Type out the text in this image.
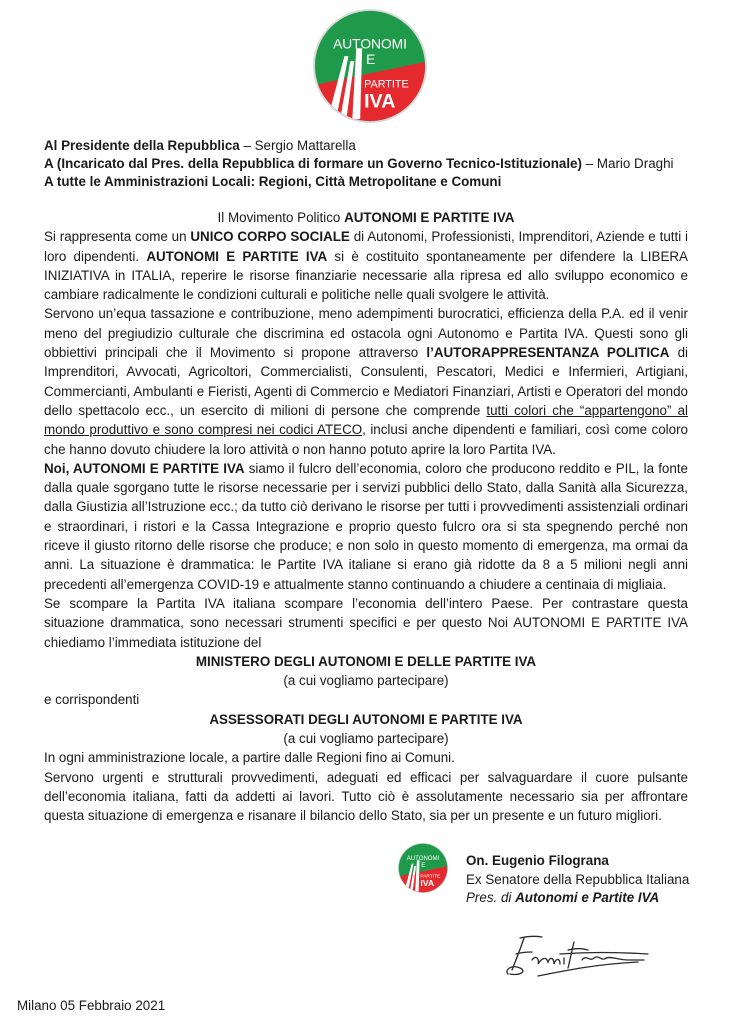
AUTONOMI
E
PARTITE
IVA
Al Presidente della Repubblica – Sergio Mattarella
A (Incaricato dal Pres. della Repubblica di formare un Governo Tecnico-Istituzionale) – Mario Draghi
A tutte le Amministrazioni Locali: Regioni, Città Metropolitane e Comuni

Il Movimento Politico AUTONOMI E PARTITE IVA

Si rappresenta come un UNICO CORPO SOCIALE di Autonomi, Professionisti, Imprenditori, Aziende e tutti i loro dipendenti. AUTONOMI E PARTITE IVA si è costituito spontaneamente per difendere la LIBERA INIZIATIVA in ITALIA, reperire le risorse finanziarie necessarie alla ripresa ed allo sviluppo economico e cambiare radicalmente le condizioni culturali e politiche nelle quali svolgere le attività.

Servono un’equa tassazione e contribuzione, meno adempimenti burocratici, efficienza della P.A. ed il venir meno del pregiudizio culturale che discrimina ed ostacola ogni Autonomo e Partita IVA. Questi sono gli obbiettivi principali che il Movimento si propone attraverso l’AUTORAPPRESENTANZA POLITICA di Imprenditori, Avvocati, Agricoltori, Commercialisti, Consulenti, Pescatori, Medici e Infermieri, Artigiani, Commercianti, Ambulanti e Fieristi, Agenti di Commercio e Mediatori Finanziari, Artisti e Operatori del mondo dello spettacolo ecc., un esercito di milioni di persone che comprende tutti colori che “appartengono” al mondo produttivo e sono compresi nei codici ATECO, inclusi anche dipendenti e familiari, così come coloro che hanno dovuto chiudere la loro attività o non hanno potuto aprire la loro Partita IVA.

Noi, AUTONOMI E PARTITE IVA siamo il fulcro dell’economia, coloro che producono reddito e PIL, la fonte dalla quale sgorgano tutte le risorse necessarie per i servizi pubblici dello Stato, dalla Sanità alla Sicurezza, dalla Giustizia all’Istruzione ecc.; da tutto ciò derivano le risorse per tutti i provvedimenti assistenziali ordinari e straordinari, i ristori e la Cassa Integrazione e proprio questo fulcro ora si sta spegnendo perché non riceve il giusto ritorno delle risorse che produce; e non solo in questo momento di emergenza, ma ormai da anni. La situazione è drammatica: le Partite IVA italiane si erano già ridotte da 8 a 5 milioni negli anni precedenti all’emergenza COVID-19 e attualmente stanno continuando a chiudere a centinaia di migliaia.

Se scompare la Partita IVA italiana scompare l’economia dell’intero Paese. Per contrastare questa situazione drammatica, sono necessari strumenti specifici e per questo Noi AUTONOMI E PARTITE IVA chiediamo l’immediata istituzione del

MINISTERO DEGLI AUTONOMI E DELLE PARTITE IVA

(a cui vogliamo partecipare)

e corrispondenti

ASSESSORATI DEGLI AUTONOMI E PARTITE IVA

(a cui vogliamo partecipare)

In ogni amministrazione locale, a partire dalle Regioni fino ai Comuni.

Servono urgenti e strutturali provvedimenti, adeguati ed efficaci per salvaguardare il cuore pulsante dell’economia italiana, fatti da addetti ai lavori. Tutto ciò è assolutamente necessario sia per affrontare questa situazione di emergenza e risanare il bilancio dello Stato, sia per un presente e un futuro migliori.

AUTONOMI
E
PARTITE
IVA
On. Eugenio Filograna
Ex Senatore della Repubblica Italiana
Pres. di Autonomi e Partite IVA
Milano 05 Febbraio 2021
